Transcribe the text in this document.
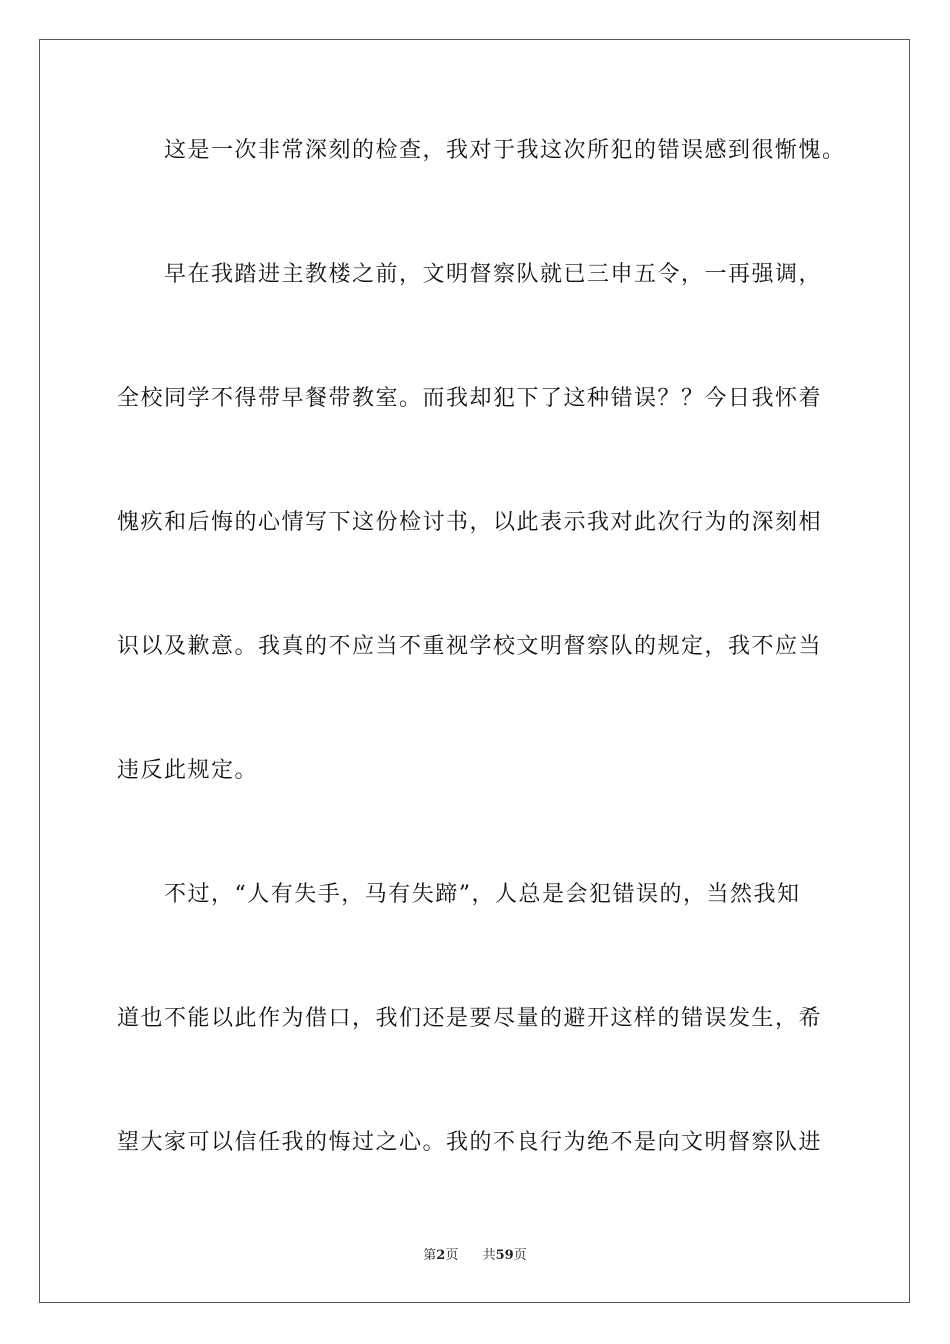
这是一次非常深刻的检查，我对于我这次所犯的错误感到很惭愧。
早在我踏进主教楼之前，文明督察队就已三申五令，一再强调，
全校同学不得带早餐带教室。而我却犯下了这种错误？？今日我怀着
愧疚和后悔的心情写下这份检讨书，以此表示我对此次行为的深刻相
识以及歉意。我真的不应当不重视学校文明督察队的规定，我不应当
违反此规定。
不过，“人有失手，马有失蹄”，人总是会犯错误的，当然我知
道也不能以此作为借口，我们还是要尽量的避开这样的错误发生，希
望大家可以信任我的悔过之心。我的不良行为绝不是向文明督察队进
第2页 共59页
